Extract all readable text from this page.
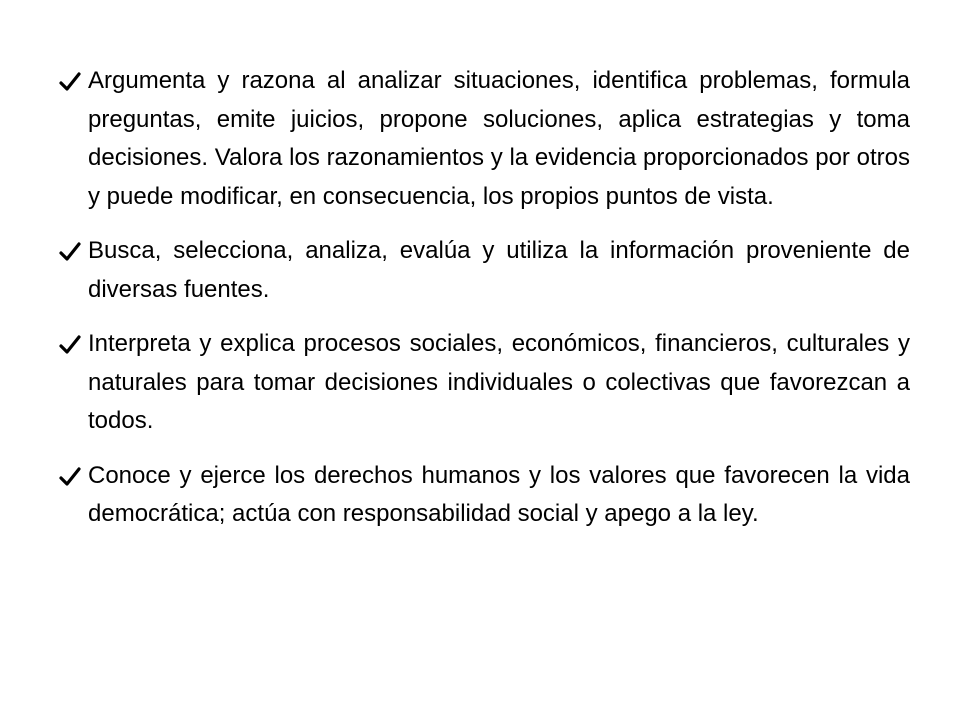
Argumenta y razona al analizar situaciones, identifica problemas, formula preguntas, emite juicios, propone soluciones, aplica estrategias y toma decisiones. Valora los razonamientos y la evidencia proporcionados por otros y puede modificar, en consecuencia, los propios puntos de vista.
Busca, selecciona, analiza, evalúa y utiliza la información proveniente de diversas fuentes.
Interpreta y explica procesos sociales, económicos, financieros, culturales y naturales para tomar decisiones individuales o colectivas que favorezcan a todos.
Conoce y ejerce los derechos humanos y los valores que favorecen la vida democrática; actúa con responsabilidad social y apego a la ley.
